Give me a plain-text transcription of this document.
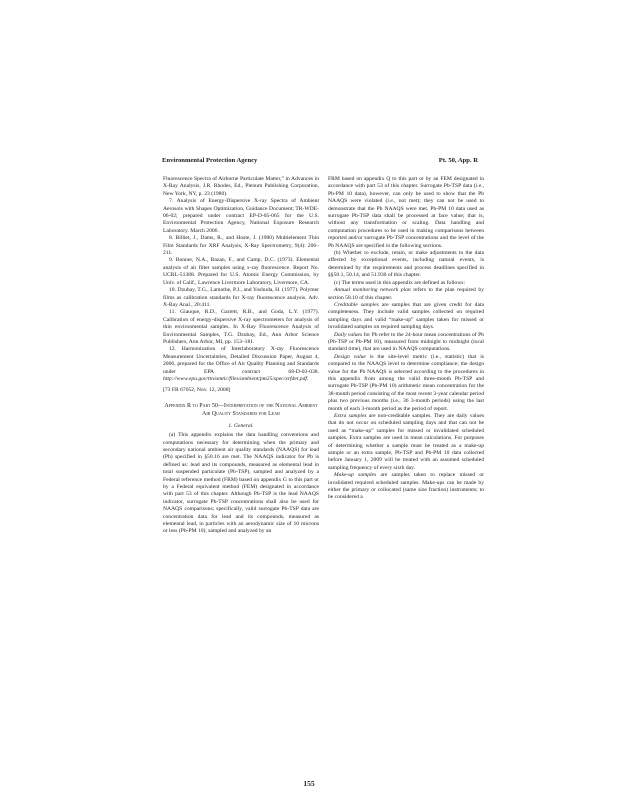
Environmental Protection Agency	Pt. 50, App. R

Fluorescence Spectra of Airborne Particulate Matter,” in Advances in X-Ray Analysis, J.R. Rhodes, Ed., Plenum Publishing Corporation, New York, NY, p. 23 (1980).

7. Analysis of Energy-Dispersive X-ray Spectra of Ambient Aerosols with Shapes Optimization, Guidance Document; TR-WDE-06-02; prepared under contract EP-D-05-065 for the U.S. Environmental Protection Agency, National Exposure Research Laboratory. March 2006.

8. Billiet, J., Dams, R., and Hoste, J. (1980) Multielement Thin Film Standards for XRF Analysis, X-Ray Spectrometry, 9(4): 206–211.

9. Bonner, N.A., Bazan, F., and Camp, D.C. (1973). Elemental analysis of air filter samples using x-ray fluorescence. Report No. UCRL-51388. Prepared for U.S. Atomic Energy Commission, by Univ. of Calif., Lawrence Livermore Laboratory, Livermore, CA.

10. Dzubay, T.G., Lamothe, P.J., and Yoshuda, H. (1977). Polymer films as calibration standards for X-ray fluorescence analysis. Adv. X-Ray Anal., 20:411.

11. Giauque, R.D., Garrett, R.B., and Goda, L.Y. (1977). Calibration of energy-dispersive X-ray spectrometers for analysis of thin environmental samples. In X-Ray Fluorescence Analysis of Environmental Samples, T.G. Dzubay, Ed., Ann Arbor Science Publishers, Ann Arbor, MI, pp. 153–181.

12. Harmonization of Interlaboratory X-ray Fluorescence Measurement Uncertainties, Detailed Discussion Paper, August 4, 2006, prepared for the Office of Air Quality Planning and Standards under EPA contract 68-D-03-038. http://www.epa.gov/ttn/amtic/files/ambient/pm25/spec/xrfdet.pdf.

[73 FR 67052, Nov. 12, 2008]

Appendix R to Part 50—Interpretation of the National Ambient Air Quality Standards for Lead

1. General.

(a) This appendix explains the data handling conventions and computations necessary for determining when the primary and secondary national ambient air quality standards (NAAQS) for lead (Pb) specified in §50.16 are met. The NAAQS indicator for Pb is defined as: lead and its compounds, measured as elemental lead in total suspended particulate (Pb-TSP), sampled and analyzed by a Federal reference method (FRM) based on appendix G to this part or by a Federal equivalent method (FEM) designated in accordance with part 53 of this chapter. Although Pb-TSP is the lead NAAQS indicator, surrogate Pb-TSP concentrations shall also be used for NAAQS comparisons; specifically, valid surrogate Pb-TSP data are concentration data for lead and its compounds, measured as elemental lead, in particles with an aerodynamic size of 10 microns or less (Pb-PM 10), sampled and analyzed by an

FRM based on appendix Q to this part or by an FEM designated in accordance with part 53 of this chapter. Surrogate Pb-TSP data (i.e., Pb-PM 10 data), however, can only be used to show that the Pb NAAQS were violated (i.e., not met); they can not be used to demonstrate that the Pb NAAQS were met. Pb-PM 10 data used as surrogate Pb-TSP data shall be processed at face value; that is, without any transformation or scaling. Data handling and computation procedures to be used in making comparisons between reported and/or surrogate Pb-TSP concentrations and the level of the Pb NAAQS are specified in the following sections.

(b) Whether to exclude, retain, or make adjustments to the data affected by exceptional events, including natural events, is determined by the requirements and process deadlines specified in §§50.1, 50.14, and 51.930 of this chapter.

(c) The terms used in this appendix are defined as follows:

Annual monitoring network plan refers to the plan required by section 58.10 of this chapter.

Creditable samples are samples that are given credit for data completeness. They include valid samples collected on required sampling days and valid “make-up” samples taken for missed or invalidated samples on required sampling days.

Daily values for Pb refer to the 24-hour mean concentrations of Pb (Pb-TSP or Pb-PM 10), measured from midnight to midnight (local standard time), that are used in NAAQS computations.

Design value is the site-level metric (i.e., statistic) that is compared to the NAAQS level to determine compliance; the design value for the Pb NAAQS is selected according to the procedures in this appendix from among the valid three-month Pb-TSP and surrogate Pb-TSP (Pb-PM 10) arithmetic mean concentration for the 38-month period consisting of the most recent 3-year calendar period plus two previous months (i.e., 36 3-month periods) using the last month of each 3-month period as the period of report.

Extra samples are non-creditable samples. They are daily values that do not occur on scheduled sampling days and that can not be used as “make-up” samples for missed or invalidated scheduled samples. Extra samples are used in mean calculations. For purposes of determining whether a sample must be treated as a make-up sample or an extra sample, Pb-TSP and Pb-PM 10 data collected before January 1, 2009 will be treated with an assumed scheduled sampling frequency of every sixth day.

Make-up samples are samples taken to replace missed or invalidated required scheduled samples. Make-ups can be made by either the primary or collocated (same size fraction) instruments; to be considered a

155
